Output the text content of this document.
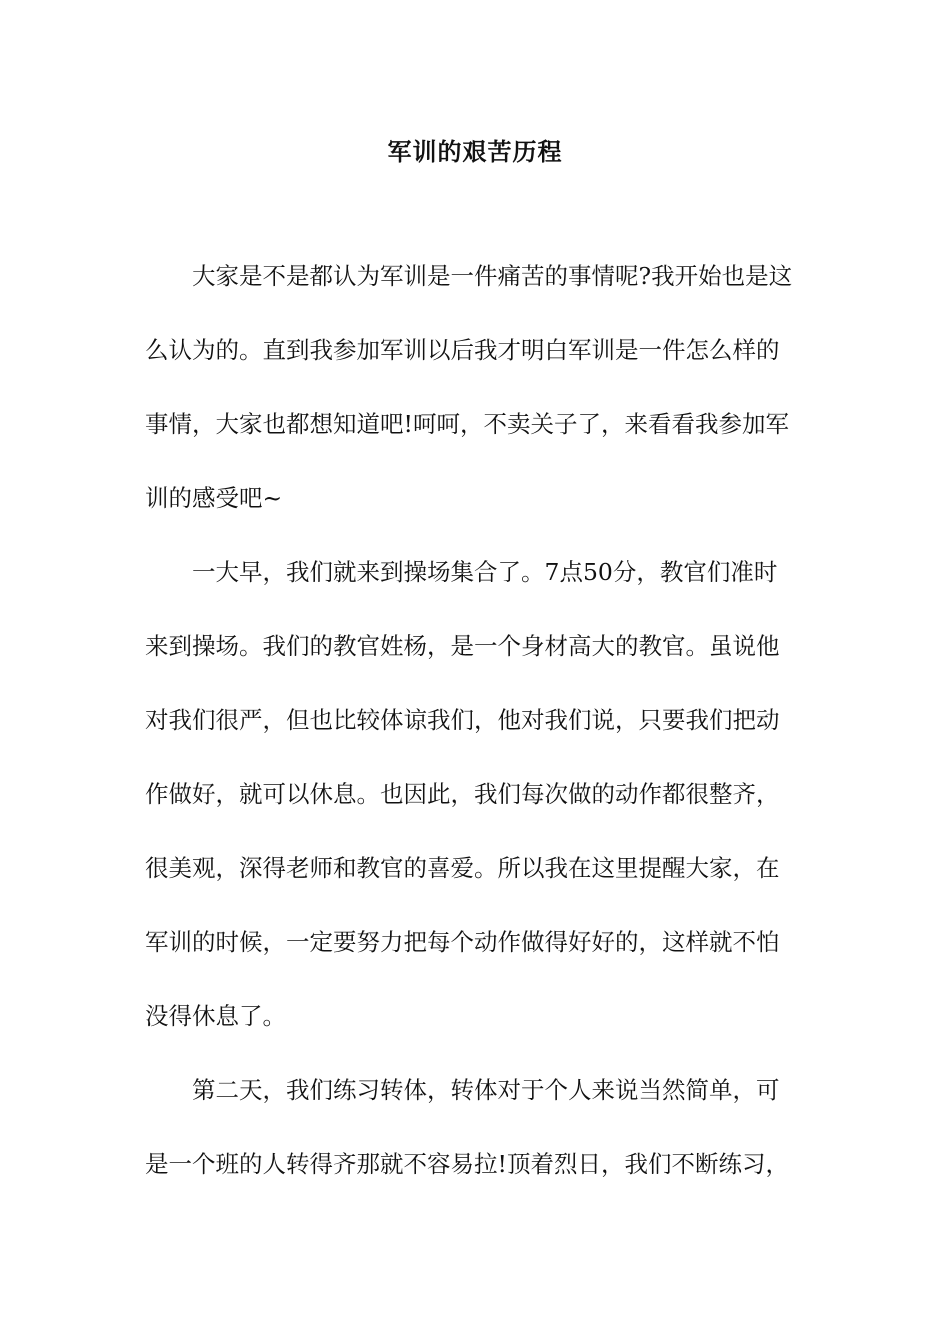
军训的艰苦历程
大家是不是都认为军训是一件痛苦的事情呢?我开始也是这
么认为的。直到我参加军训以后我才明白军训是一件怎么样的
事情，大家也都想知道吧!呵呵，不卖关子了，来看看我参加军
训的感受吧~
一大早，我们就来到操场集合了。7点50分，教官们准时
来到操场。我们的教官姓杨，是一个身材高大的教官。虽说他
对我们很严，但也比较体谅我们，他对我们说，只要我们把动
作做好，就可以休息。也因此，我们每次做的动作都很整齐，
很美观，深得老师和教官的喜爱。所以我在这里提醒大家，在
军训的时候，一定要努力把每个动作做得好好的，这样就不怕
没得休息了。
第二天，我们练习转体，转体对于个人来说当然简单，可
是一个班的人转得齐那就不容易拉!顶着烈日，我们不断练习，
